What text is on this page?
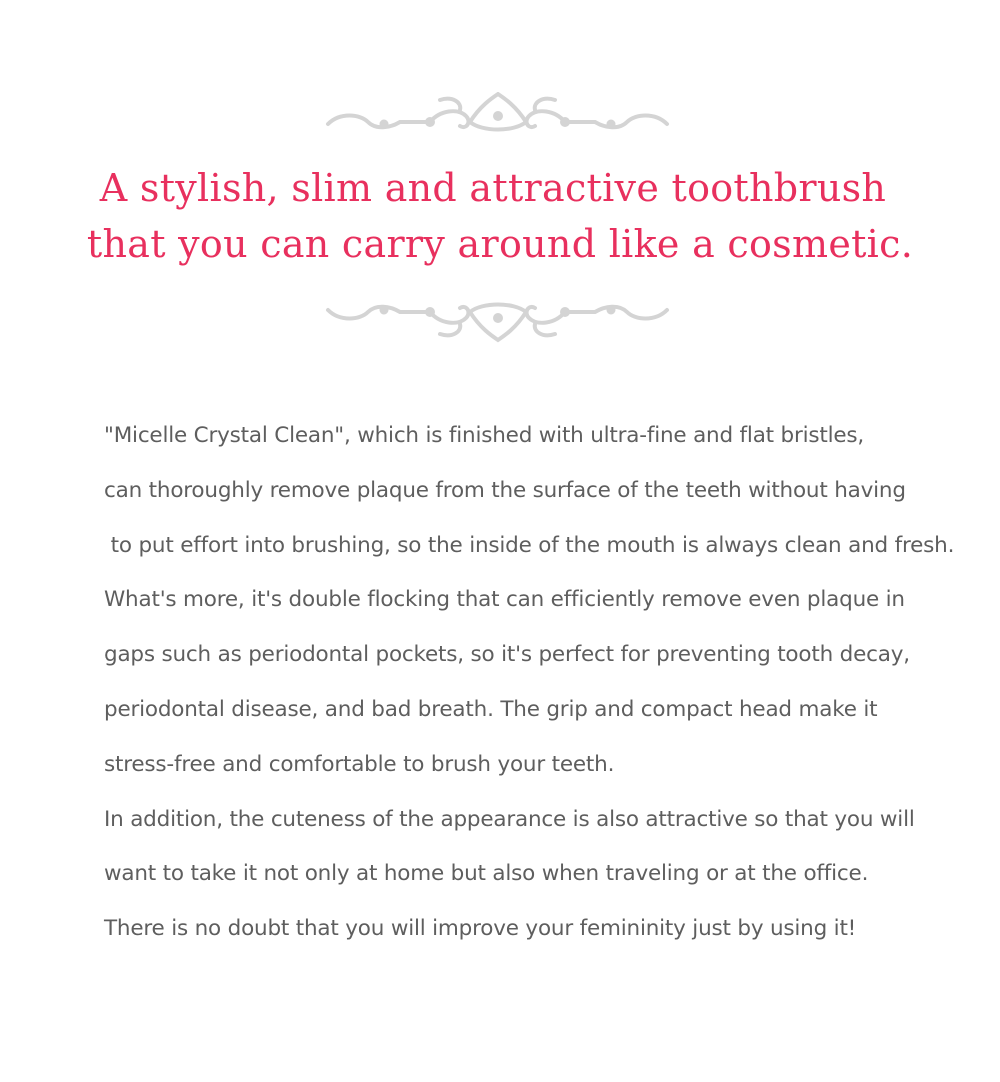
A stylish, slim and attractive toothbrush
that you can carry around like a cosmetic.
"Micelle Crystal Clean", which is finished with ultra-fine and flat bristles,
can thoroughly remove plaque from the surface of the teeth without having
to put effort into brushing, so the inside of the mouth is always clean and fresh.
What's more, it's double flocking that can efficiently remove even plaque in
gaps such as periodontal pockets, so it's perfect for preventing tooth decay,
periodontal disease, and bad breath. The grip and compact head make it
stress-free and comfortable to brush your teeth.
In addition, the cuteness of the appearance is also attractive so that you will
want to take it not only at home but also when traveling or at the office.
There is no doubt that you will improve your femininity just by using it!
